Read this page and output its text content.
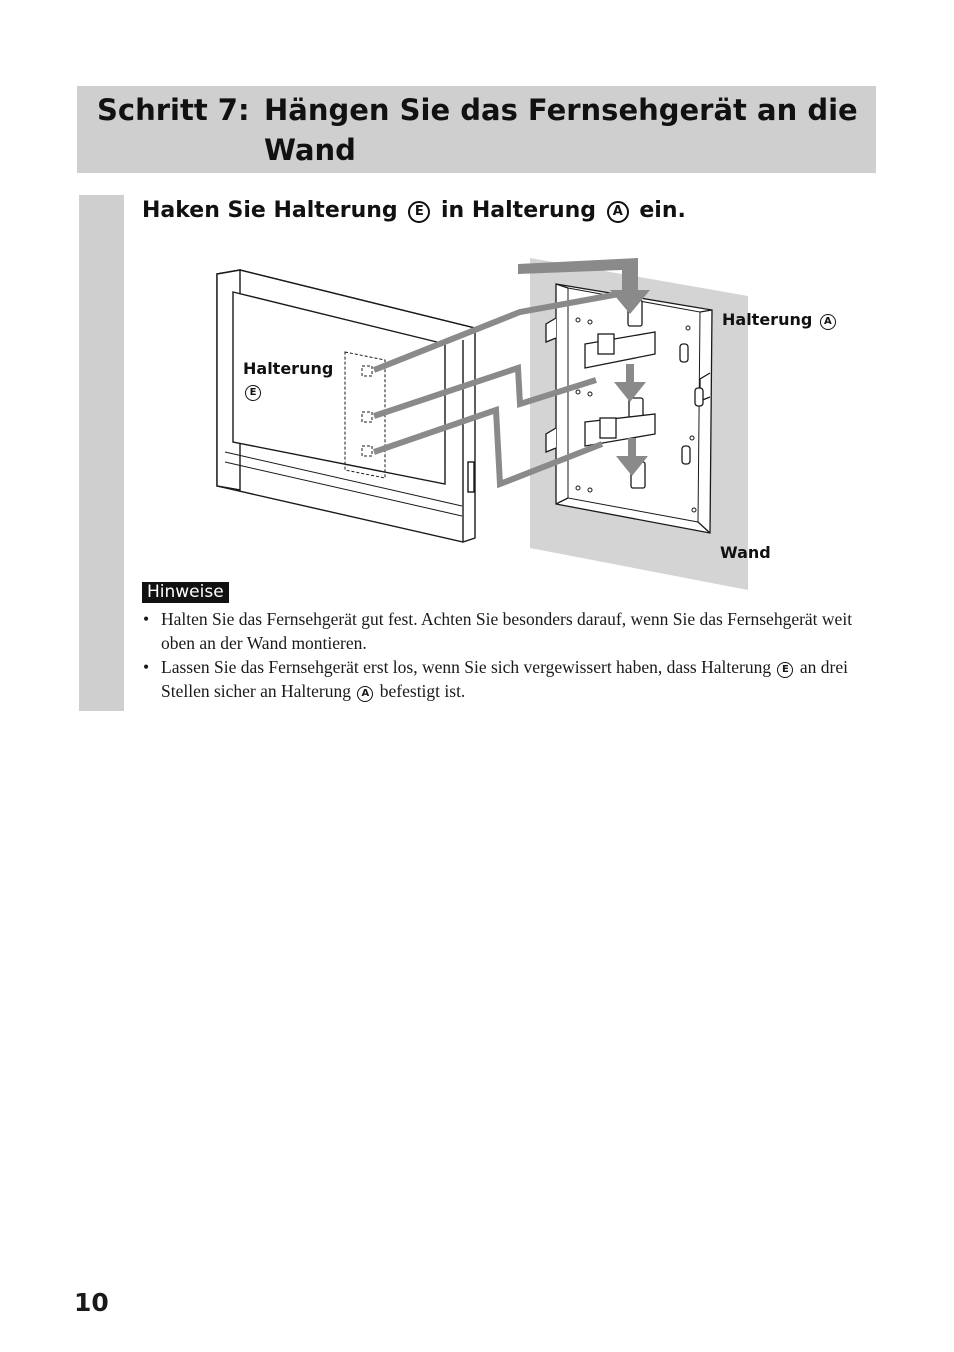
Schritt 7: Hängen Sie das Fernsehgerät an die Wand
Haken Sie Halterung E in Halterung A ein.
Halterung
E
Halterung A
Wand
Hinweise
• Halten Sie das Fernsehgerät gut fest. Achten Sie besonders darauf, wenn Sie das Fernsehgerät weit oben an der Wand montieren.
• Lassen Sie das Fernsehgerät erst los, wenn Sie sich vergewissert haben, dass Halterung E an drei Stellen sicher an Halterung A befestigt ist.
10
